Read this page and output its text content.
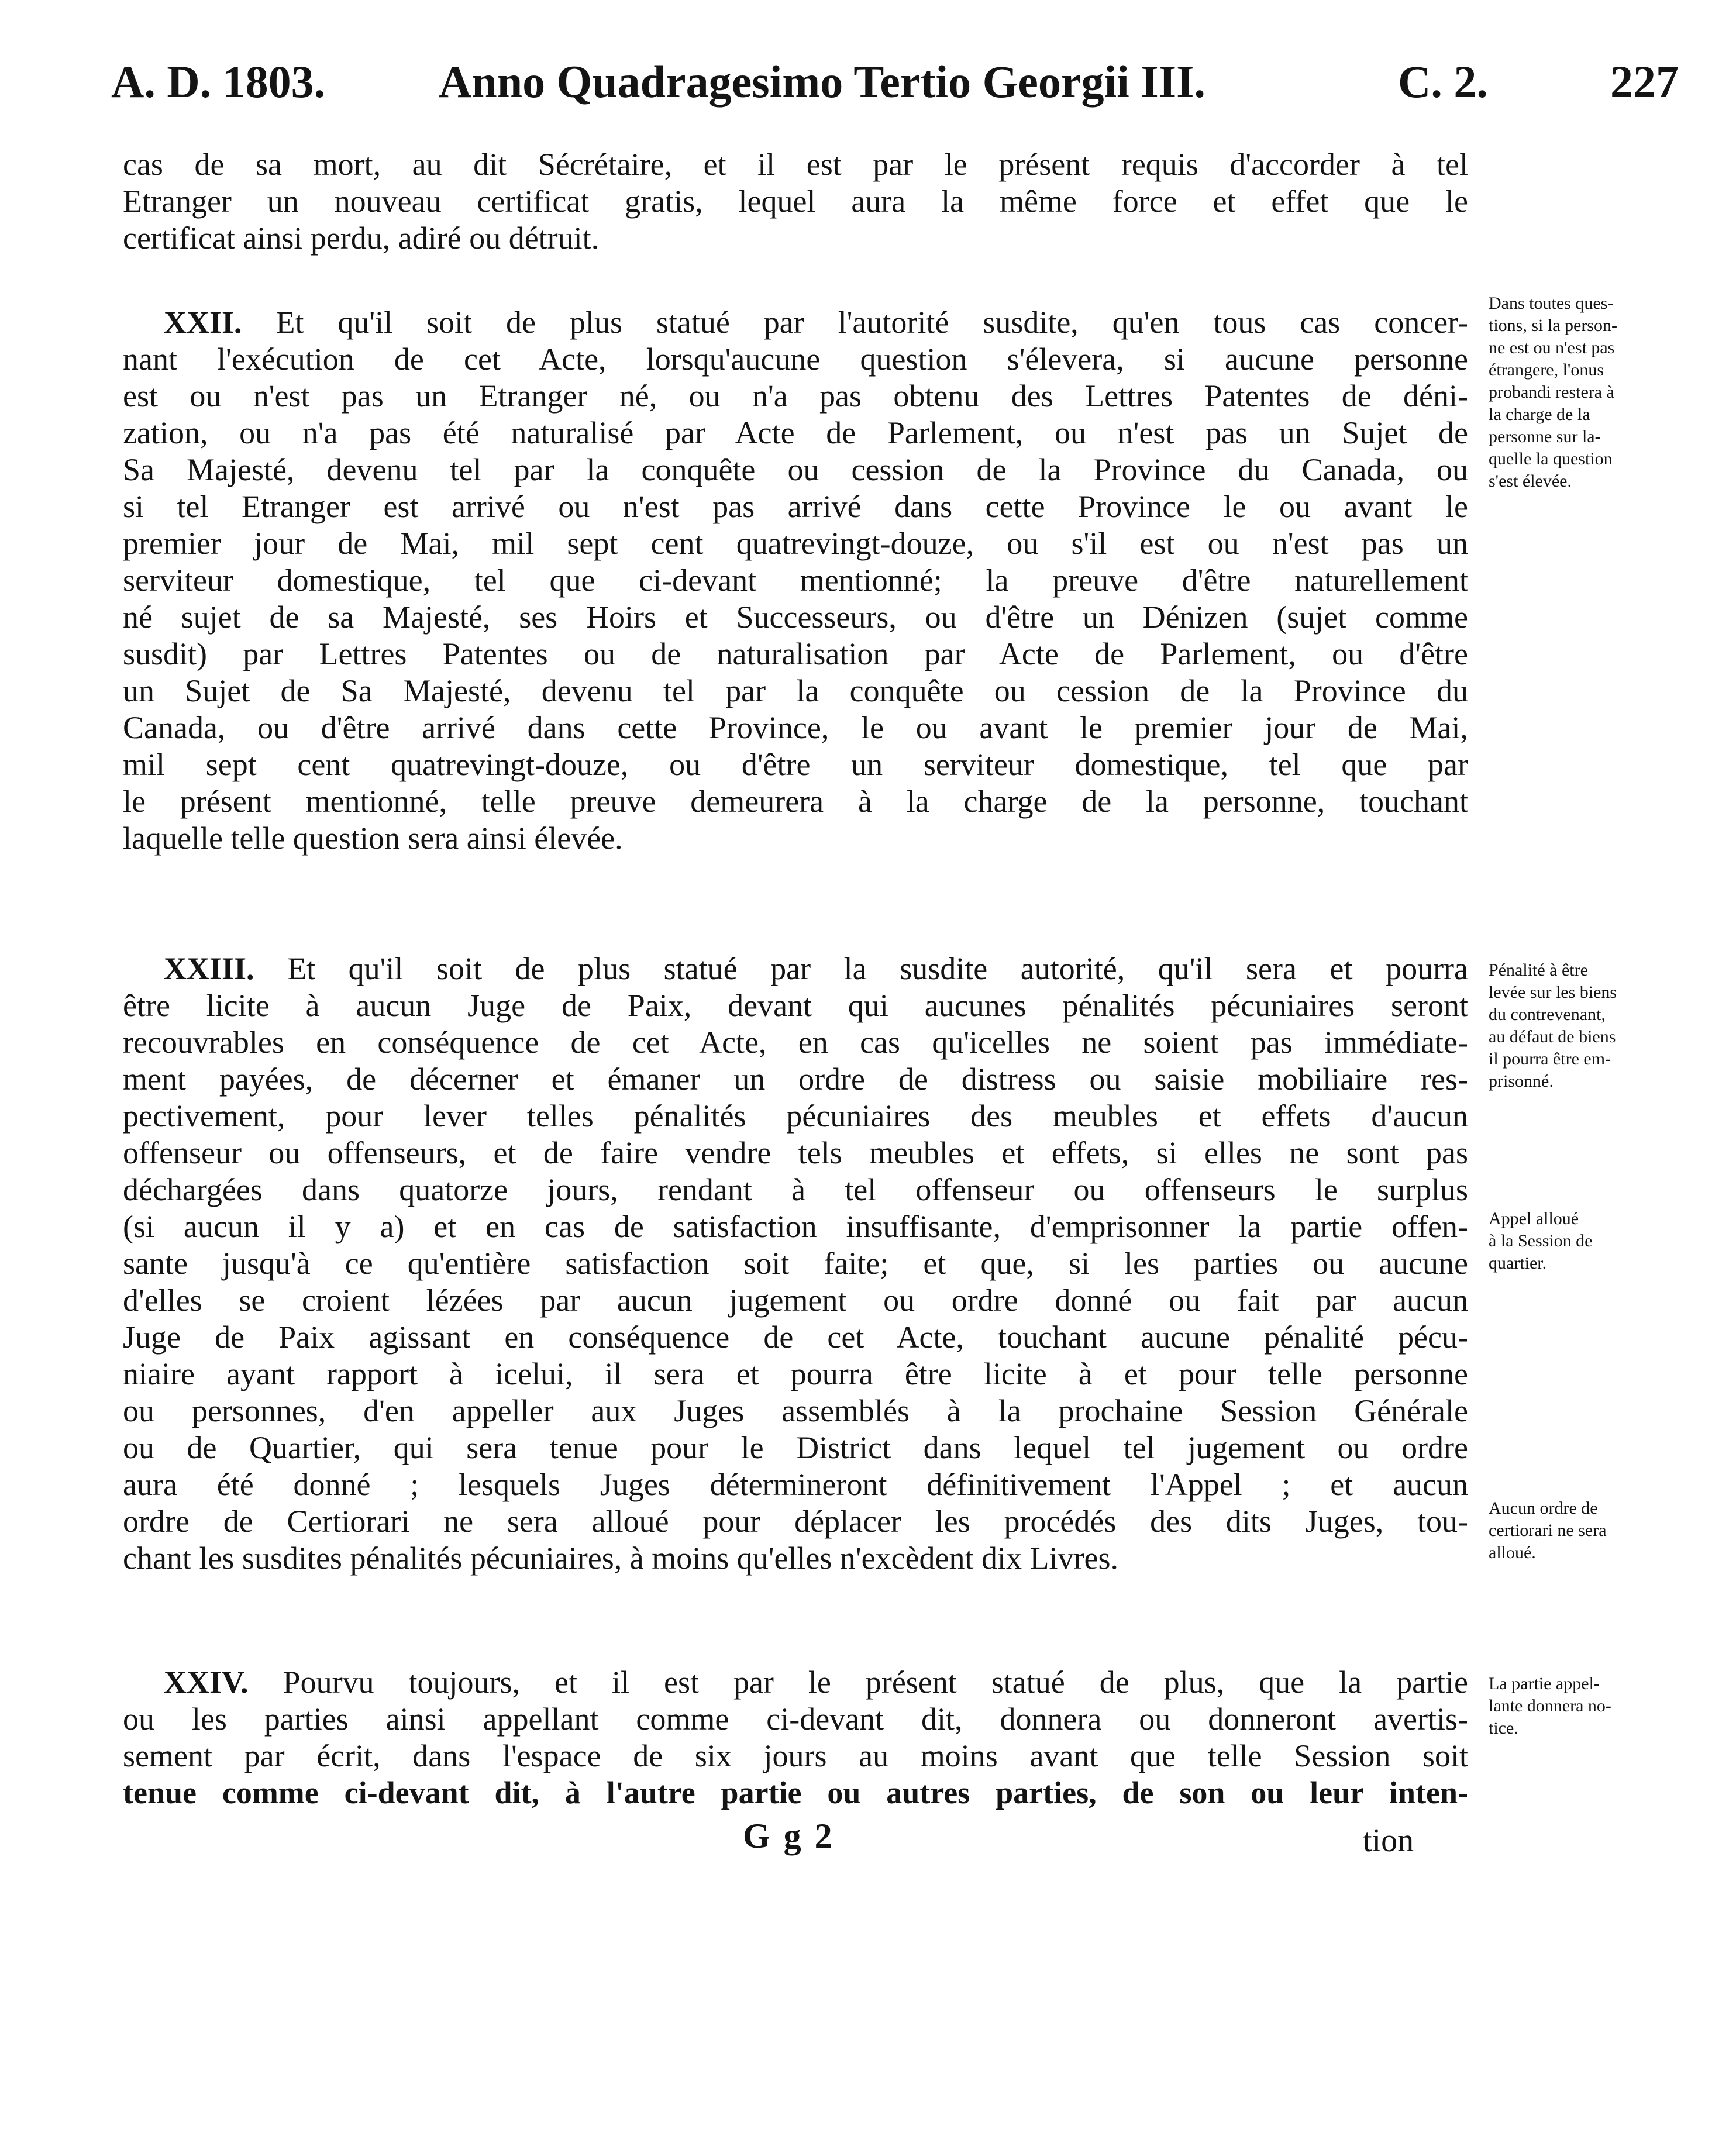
A. D. 1803. Anno Quadragesimo Tertio Georgii III.	C. 2.	227
cas de sa mort, au dit Sécrétaire, et il est par le présent requis d'accorder à tel
Etranger un nouveau certificat gratis, lequel aura la même force et effet que le
certificat ainsi perdu, adiré ou détruit.
XXII. Et qu'il soit de plus statué par l'autorité susdite, qu'en tous cas concer-
nant l'exécution de cet Acte, lorsqu'aucune question s'élevera, si aucune personne
est ou n'est pas un Etranger né, ou n'a pas obtenu des Lettres Patentes de déni-
zation, ou n'a pas été naturalisé par Acte de Parlement, ou n'est pas un Sujet de
Sa Majesté, devenu tel par la conquête ou cession de la Province du Canada, ou
si tel Etranger est arrivé ou n'est pas arrivé dans cette Province le ou avant le
premier jour de Mai, mil sept cent quatrevingt-douze, ou s'il est ou n'est pas un
serviteur domestique, tel que ci-devant mentionné; la preuve d'être naturellement
né sujet de sa Majesté, ses Hoirs et Successeurs, ou d'être un Dénizen (sujet comme
susdit) par Lettres Patentes ou de naturalisation par Acte de Parlement, ou d'être
un Sujet de Sa Majesté, devenu tel par la conquête ou cession de la Province du
Canada, ou d'être arrivé dans cette Province, le ou avant le premier jour de Mai,
mil sept cent quatrevingt-douze, ou d'être un serviteur domestique, tel que par
le présent mentionné, telle preuve demeurera à la charge de la personne, touchant
laquelle telle question sera ainsi élevée.
XXIII. Et qu'il soit de plus statué par la susdite autorité, qu'il sera et pourra
être licite à aucun Juge de Paix, devant qui aucunes pénalités pécuniaires seront
recouvrables en conséquence de cet Acte, en cas qu'icelles ne soient pas immédiate-
ment payées, de décerner et émaner un ordre de distress ou saisie mobiliaire res-
pectivement, pour lever telles pénalités pécuniaires des meubles et effets d'aucun
offenseur ou offenseurs, et de faire vendre tels meubles et effets, si elles ne sont pas
déchargées dans quatorze jours, rendant à tel offenseur ou offenseurs le surplus
(si aucun il y a) et en cas de satisfaction insuffisante, d'emprisonner la partie offen-
sante jusqu'à ce qu'entière satisfaction soit faite; et que, si les parties ou aucune
d'elles se croient lézées par aucun jugement ou ordre donné ou fait par aucun
Juge de Paix agissant en conséquence de cet Acte, touchant aucune pénalité pécu-
niaire ayant rapport à icelui, il sera et pourra être licite à et pour telle personne
ou personnes, d'en appeller aux Juges assemblés à la prochaine Session Générale
ou de Quartier, qui sera tenue pour le District dans lequel tel jugement ou ordre
aura été donné ; lesquels Juges détermineront définitivement l'Appel ; et aucun
ordre de Certiorari ne sera alloué pour déplacer les procédés des dits Juges, tou-
chant les susdites pénalités pécuniaires, à moins qu'elles n'excèdent dix Livres.
XXIV. Pourvu toujours, et il est par le présent statué de plus, que la partie
ou les parties ainsi appellant comme ci-devant dit, donnera ou donneront avertis-
sement par écrit, dans l'espace de six jours au moins avant que telle Session soit
tenue comme ci-devant dit, à l'autre partie ou autres parties, de son ou leur inten-
Dans toutes ques-
tions, si la person-
ne est ou n'est pas
étrangere, l'onus
probandi restera à
la charge de la
personne sur la-
quelle la question
s'est élevée.
Pénalité à être
levée sur les biens
du contrevenant,
au défaut de biens
il pourra être em-
prisonné.
Appel alloué
à la Session de
quartier.
Aucun ordre de
certiorari ne sera
alloué.
La partie appel-
lante donnera no-
tice.
G g 2	tion
